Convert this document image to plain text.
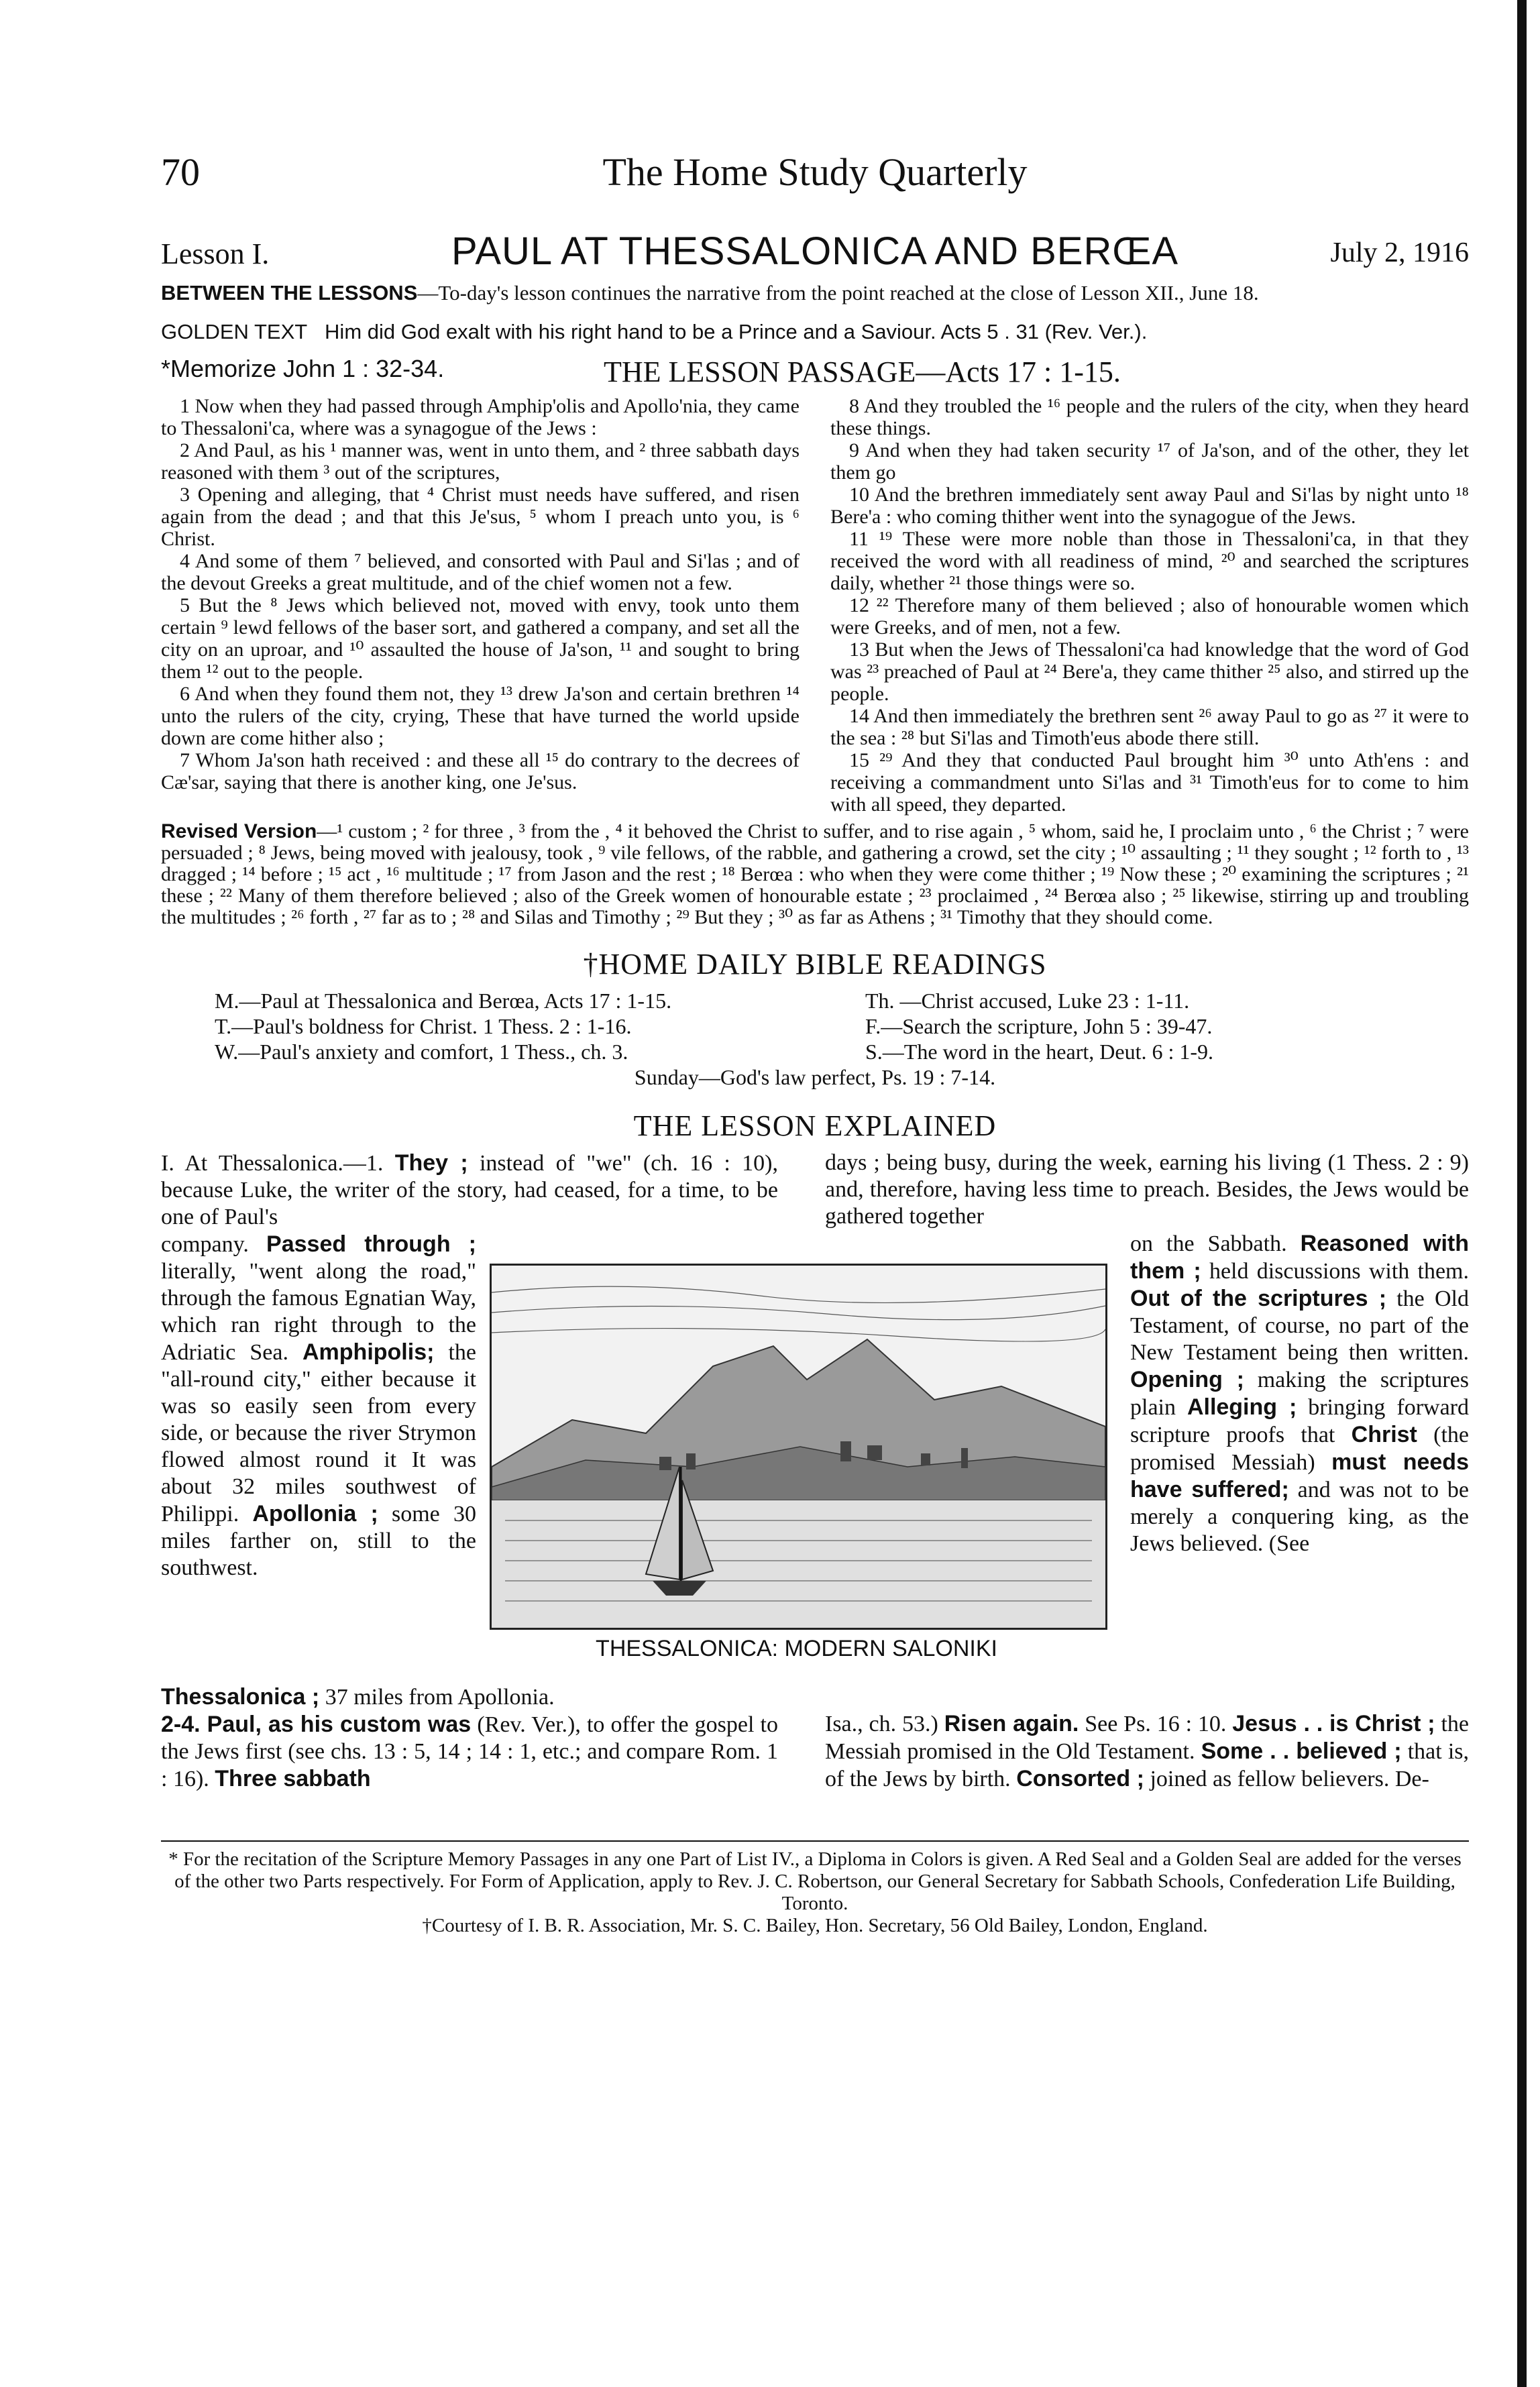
70	The Home Study Quarterly
Lesson I.	PAUL AT THESSALONICA AND BERŒA	July 2, 1916

BETWEEN THE LESSONS—To-day's lesson continues the narrative from the point reached at the close of Lesson XII., June 18.

GOLDEN TEXT Him did God exalt with his right hand to be a Prince and a Saviour. Acts 5 . 31 (Rev. Ver.).

*Memorize John 1 : 32-34.	THE LESSON PASSAGE—Acts 17 : 1-15.

1 Now when they had passed through Amphip'olis and Apollo'nia, they came to Thessaloni'ca, where was a synagogue of the Jews :

2 And Paul, as his ¹ manner was, went in unto them, and ² three sabbath days reasoned with them ³ out of the scriptures,

3 Opening and alleging, that ⁴ Christ must needs have suffered, and risen again from the dead ; and that this Je'sus, ⁵ whom I preach unto you, is ⁶ Christ.

4 And some of them ⁷ believed, and consorted with Paul and Si'las ; and of the devout Greeks a great multitude, and of the chief women not a few.

5 But the ⁸ Jews which believed not, moved with envy, took unto them certain ⁹ lewd fellows of the baser sort, and gathered a company, and set all the city on an uproar, and ¹⁰ assaulted the house of Ja'son, ¹¹ and sought to bring them ¹² out to the people.

6 And when they found them not, they ¹³ drew Ja'son and certain brethren ¹⁴ unto the rulers of the city, crying, These that have turned the world upside down are come hither also ;

7 Whom Ja'son hath received : and these all ¹⁵ do contrary to the decrees of Cæ'sar, saying that there is another king, one Je'sus.

8 And they troubled the ¹⁶ people and the rulers of the city, when they heard these things.

9 And when they had taken security ¹⁷ of Ja'son, and of the other, they let them go

10 And the brethren immediately sent away Paul and Si'las by night unto ¹⁸ Bere'a : who coming thither went into the synagogue of the Jews.

11 ¹⁹ These were more noble than those in Thessaloni'ca, in that they received the word with all readiness of mind, ²⁰ and searched the scriptures daily, whether ²¹ those things were so.

12 ²² Therefore many of them believed ; also of honourable women which were Greeks, and of men, not a few.

13 But when the Jews of Thessaloni'ca had knowledge that the word of God was ²³ preached of Paul at ²⁴ Bere'a, they came thither ²⁵ also, and stirred up the people.

14 And then immediately the brethren sent ²⁶ away Paul to go as ²⁷ it were to the sea : ²⁸ but Si'las and Timoth'eus abode there still.

15 ²⁹ And they that conducted Paul brought him ³⁰ unto Ath'ens : and receiving a commandment unto Si'las and ³¹ Timoth'eus for to come to him with all speed, they departed.

Revised Version—¹ custom ; ² for three , ³ from the , ⁴ it behoved the Christ to suffer, and to rise again , ⁵ whom, said he, I proclaim unto , ⁶ the Christ ; ⁷ were persuaded ; ⁸ Jews, being moved with jealousy, took , ⁹ vile fellows, of the rabble, and gathering a crowd, set the city ; ¹⁰ assaulting ; ¹¹ they sought ; ¹² forth to , ¹³ dragged ; ¹⁴ before ; ¹⁵ act , ¹⁶ multitude ; ¹⁷ from Jason and the rest ; ¹⁸ Berœa : who when they were come thither ; ¹⁹ Now these ; ²⁰ examining the scriptures ; ²¹ these ; ²² Many of them therefore believed ; also of the Greek women of honourable estate ; ²³ proclaimed , ²⁴ Berœa also ; ²⁵ likewise, stirring up and troubling the multitudes ; ²⁶ forth , ²⁷ far as to ; ²⁸ and Silas and Timothy ; ²⁹ But they ; ³⁰ as far as Athens ; ³¹ Timothy that they should come.

†HOME DAILY BIBLE READINGS
M.—Paul at Thessalonica and Berœa, Acts 17 : 1-15.	Th. —Christ accused, Luke 23 : 1-11.
T.—Paul's boldness for Christ. 1 Thess. 2 : 1-16.	F.—Search the scripture, John 5 : 39-47.
W.—Paul's anxiety and comfort, 1 Thess., ch. 3.	S.—The word in the heart, Deut. 6 : 1-9.
Sunday—God's law perfect, Ps. 19 : 7-14.
THE LESSON EXPLAINED

I. At Thessalonica.—1. They ; instead of "we" (ch. 16 : 10), because Luke, the writer of the story, had ceased, for a time, to be one of Paul's

company. Passed through ; literally, "went along the road," through the famous Egnatian Way, which ran right through to the Adriatic Sea. Amphipolis; the "all-round city," either because it was so easily seen from every side, or because the river Strymon flowed almost round it It was about 32 miles southwest of Philippi. Apollonia ; some 30 miles farther on, still to the southwest.

days ; being busy, during the week, earning his living (1 Thess. 2 : 9) and, therefore, having less time to preach. Besides, the Jews would be gathered together

on the Sabbath. Reasoned with them ; held discussions with them. Out of the scriptures ; the Old Testament, of course, no part of the New Testament being then written. Opening ; making the scriptures plain Alleging ; bringing forward scripture proofs that Christ (the promised Messiah) must needs have suffered; and was not to be merely a conquering king, as the Jews believed. (See

THESSALONICA: MODERN SALONIKI

Thessalonica ; 37 miles from Apollonia.
2-4. Paul, as his custom was (Rev. Ver.), to offer the gospel to the Jews first (see chs. 13 : 5, 14 ; 14 : 1, etc.; and compare Rom. 1 : 16). Three sabbath

Isa., ch. 53.) Risen again. See Ps. 16 : 10. Jesus . . is Christ ; the Messiah promised in the Old Testament. Some . . believed ; that is, of the Jews by birth. Consorted ; joined as fellow believers. De-

* For the recitation of the Scripture Memory Passages in any one Part of List IV., a Diploma in Colors is given. A Red Seal and a Golden Seal are added for the verses of the other two Parts respectively. For Form of Application, apply to Rev. J. C. Robertson, our General Secretary for Sabbath Schools, Confederation Life Building, Toronto.

†Courtesy of I. B. R. Association, Mr. S. C. Bailey, Hon. Secretary, 56 Old Bailey, London, England.
